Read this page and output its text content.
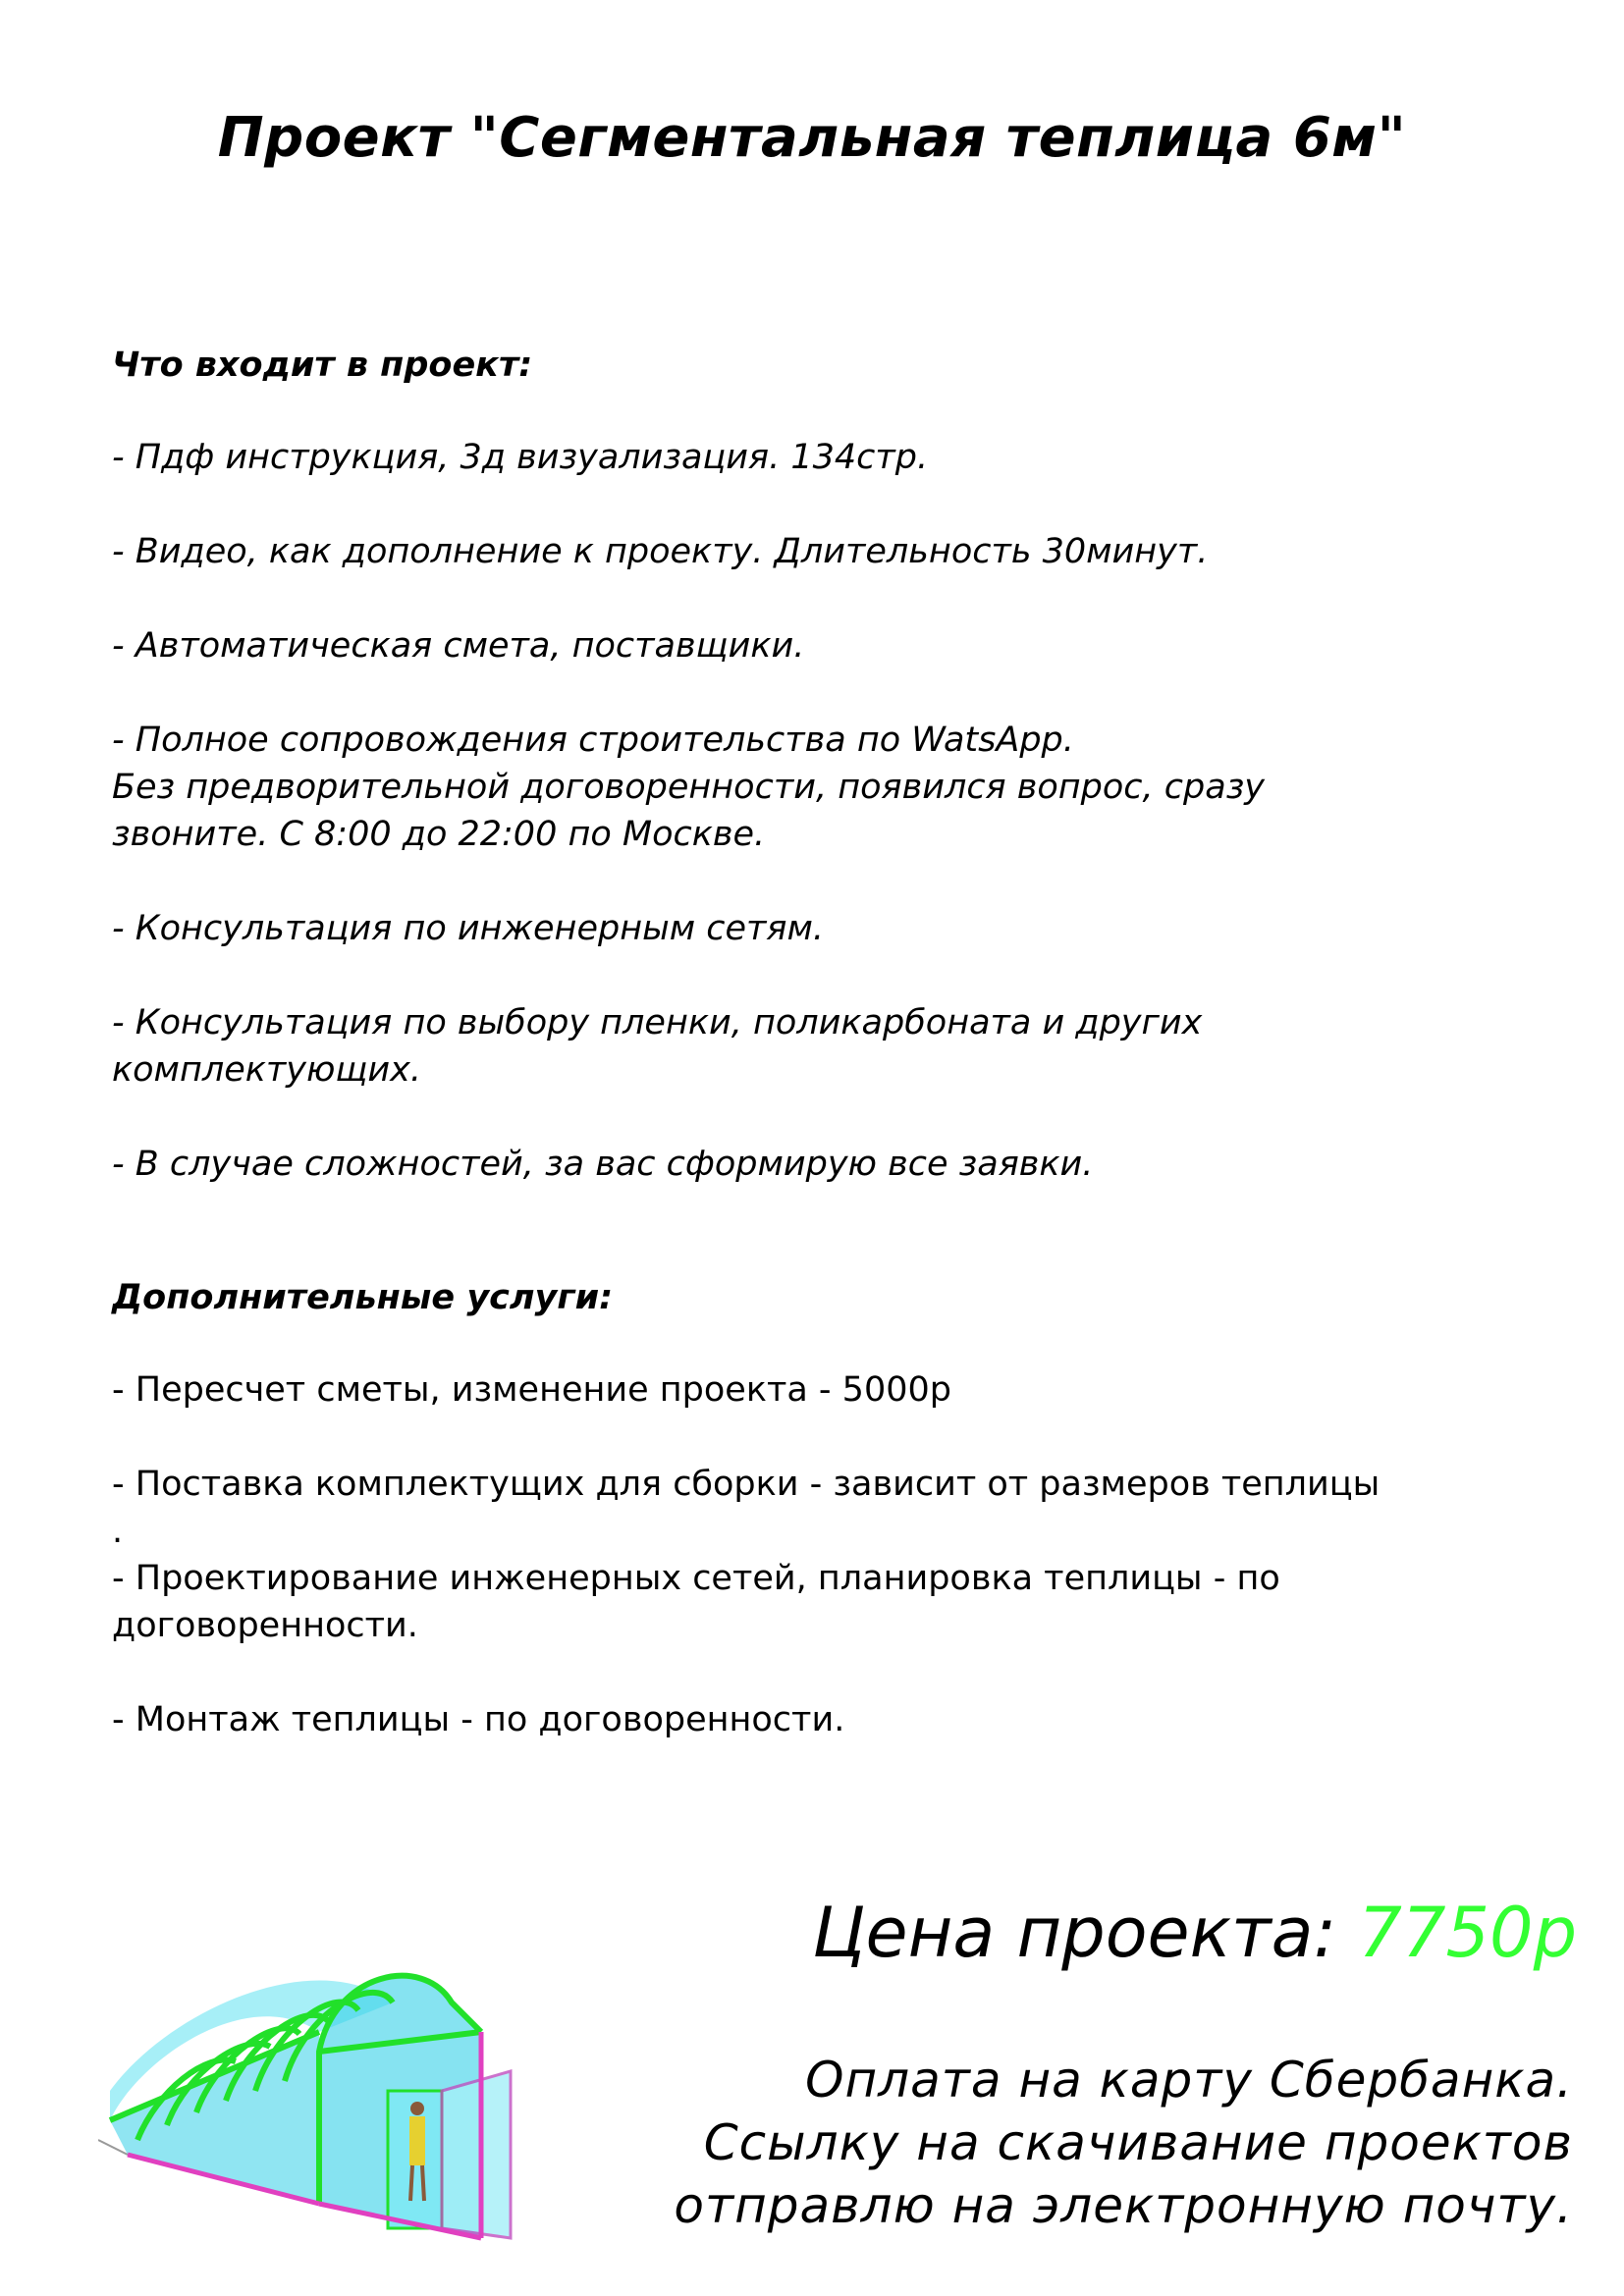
Проект "Сегментальная теплица 6м"
Что входит в проект:
- Пдф инструкция, 3д визуализация. 134стр.
- Видео, как дополнение к проекту. Длительность 30минут.
- Автоматическая смета, поставщики.
- Полное сопровождения строительства по WatsApp.
Без предворительной договоренности, появился вопрос, сразу
звоните. С 8:00 до 22:00 по Москве.
- Консультация по инженерным сетям.
- Консультация по выбору пленки, поликарбоната и других
комплектующих.
- В случае сложностей, за вас сформирую все заявки.
Дополнительные услуги:
- Пересчет сметы, изменение проекта - 5000р
- Поставка комплектущих для сборки - зависит от размеров теплицы
.
- Проектирование инженерных сетей, планировка теплицы - по
договоренности.
- Монтаж теплицы - по договоренности.

Цена проекта: 7750р

Оплата на карту Сбербанка.
Ссылку на скачивание проектов
отправлю на электронную почту.
